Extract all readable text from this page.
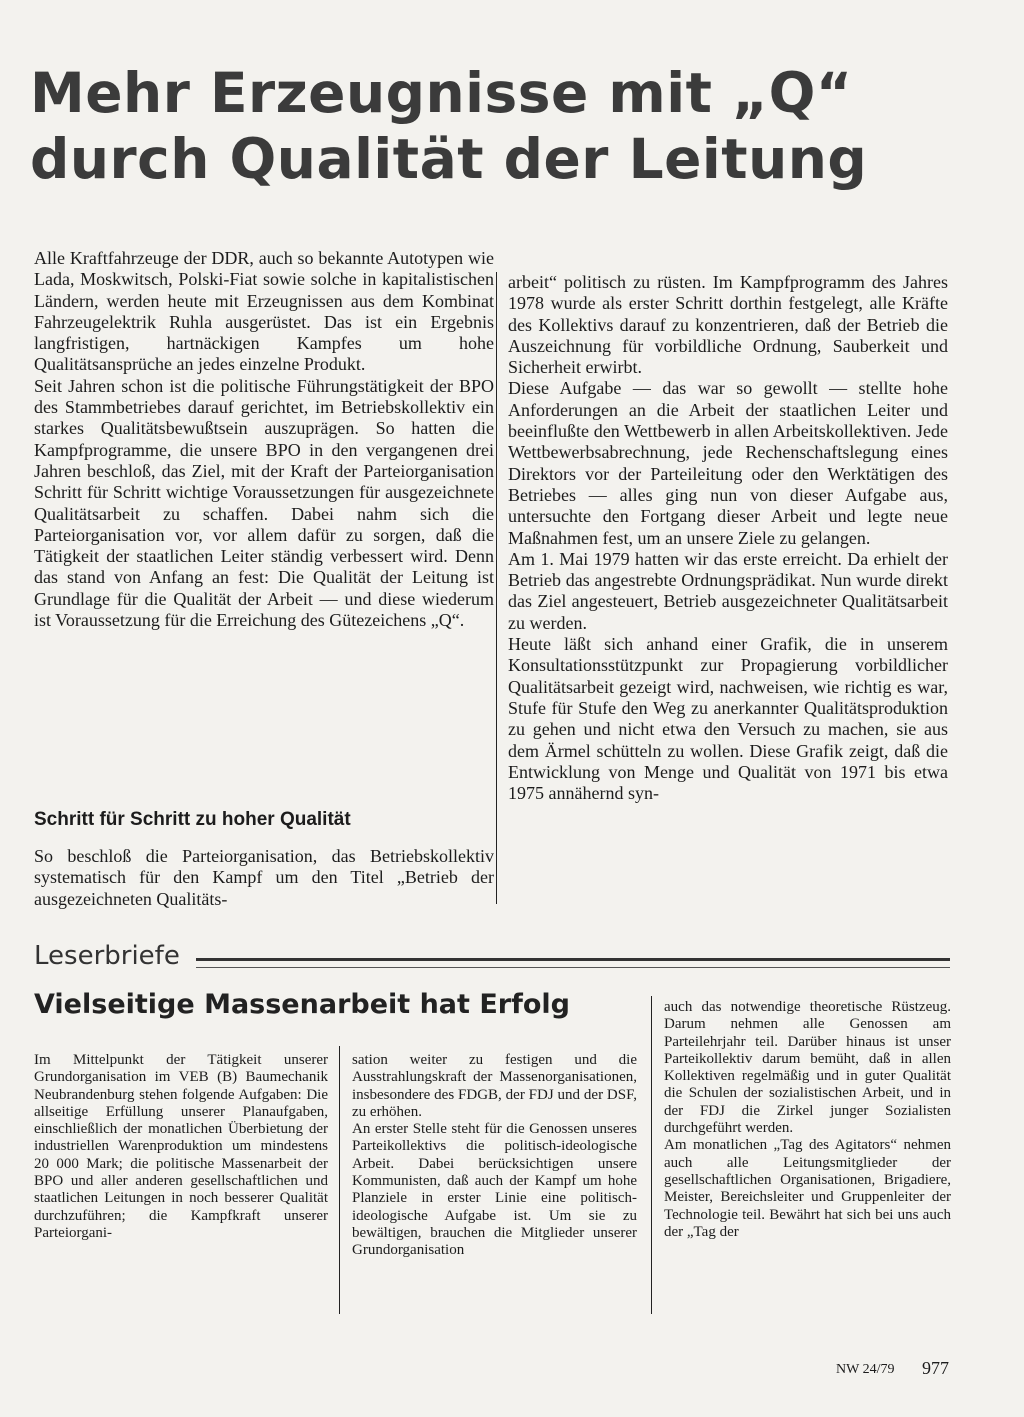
Mehr Erzeugnisse mit „Q“
durch Qualität der Leitung

Alle Kraftfahrzeuge der DDR, auch so bekannte Autotypen wie Lada, Moskwitsch, Polski-Fiat sowie solche in kapitalistischen Ländern, werden heute mit Erzeugnissen aus dem Kombinat Fahrzeugelektrik Ruhla ausgerüstet. Das ist ein Ergebnis langfristigen, hartnäckigen Kampfes um hohe Qualitätsansprüche an jedes einzelne Produkt.

Seit Jahren schon ist die politische Führungstätigkeit der BPO des Stammbetriebes darauf gerichtet, im Betriebskollektiv ein starkes Qualitätsbewußtsein auszuprägen. So hatten die Kampfprogramme, die unsere BPO in den vergangenen drei Jahren beschloß, das Ziel, mit der Kraft der Parteiorganisation Schritt für Schritt wichtige Voraussetzungen für ausgezeichnete Qualitätsarbeit zu schaffen. Dabei nahm sich die Parteiorganisation vor, vor allem dafür zu sorgen, daß die Tätigkeit der staatlichen Leiter ständig verbessert wird. Denn das stand von Anfang an fest: Die Qualität der Leitung ist Grundlage für die Qualität der Arbeit — und diese wiederum ist Voraussetzung für die Erreichung des Gütezeichens „Q“.

Schritt für Schritt zu hoher Qualität

So beschloß die Parteiorganisation, das Betriebskollektiv systematisch für den Kampf um den Titel „Betrieb der ausgezeichneten Qualitäts-

arbeit“ politisch zu rüsten. Im Kampfprogramm des Jahres 1978 wurde als erster Schritt dorthin festgelegt, alle Kräfte des Kollektivs darauf zu konzentrieren, daß der Betrieb die Auszeichnung für vorbildliche Ordnung, Sauberkeit und Sicherheit erwirbt.

Diese Aufgabe — das war so gewollt — stellte hohe Anforderungen an die Arbeit der staatlichen Leiter und beeinflußte den Wettbewerb in allen Arbeitskollektiven. Jede Wettbewerbsabrechnung, jede Rechenschaftslegung eines Direktors vor der Parteileitung oder den Werktätigen des Betriebes — alles ging nun von dieser Aufgabe aus, untersuchte den Fortgang dieser Arbeit und legte neue Maßnahmen fest, um an unsere Ziele zu gelangen.

Am 1. Mai 1979 hatten wir das erste erreicht. Da erhielt der Betrieb das angestrebte Ordnungsprädikat. Nun wurde direkt das Ziel angesteuert, Betrieb ausgezeichneter Qualitätsarbeit zu werden.

Heute läßt sich anhand einer Grafik, die in unserem Konsultationsstützpunkt zur Propagierung vorbildlicher Qualitätsarbeit gezeigt wird, nachweisen, wie richtig es war, Stufe für Stufe den Weg zu anerkannter Qualitätsproduktion zu gehen und nicht etwa den Versuch zu machen, sie aus dem Ärmel schütteln zu wollen. Diese Grafik zeigt, daß die Entwicklung von Menge und Qualität von 1971 bis etwa 1975 annähernd syn-

Leserbriefe
Vielseitige Massenarbeit hat Erfolg

Im Mittelpunkt der Tätigkeit unserer Grundorganisation im VEB (B) Baumechanik Neubrandenburg stehen folgende Aufgaben: Die allseitige Erfüllung unserer Planaufgaben, einschließlich der monatlichen Überbietung der industriellen Warenproduktion um mindestens 20 000 Mark; die politische Massenarbeit der BPO und aller anderen gesellschaftlichen und staatlichen Leitungen in noch besserer Qualität durchzuführen; die Kampfkraft unserer Parteiorgani-

sation weiter zu festigen und die Ausstrahlungskraft der Massenorganisationen, insbesondere des FDGB, der FDJ und der DSF, zu erhöhen.

An erster Stelle steht für die Genossen unseres Parteikollektivs die politisch-ideologische Arbeit. Dabei berücksichtigen unsere Kommunisten, daß auch der Kampf um hohe Planziele in erster Linie eine politisch-ideologische Aufgabe ist. Um sie zu bewältigen, brauchen die Mitglieder unserer Grundorganisation

auch das notwendige theoretische Rüstzeug. Darum nehmen alle Genossen am Parteilehrjahr teil. Darüber hinaus ist unser Parteikollektiv darum bemüht, daß in allen Kollektiven regelmäßig und in guter Qualität die Schulen der sozialistischen Arbeit, und in der FDJ die Zirkel junger Sozialisten durchgeführt werden.

Am monatlichen „Tag des Agitators“ nehmen auch alle Leitungsmitglieder der gesellschaftlichen Organisationen, Brigadiere, Meister, Bereichsleiter und Gruppenleiter der Technologie teil. Bewährt hat sich bei uns auch der „Tag der

NW 24/79 977
